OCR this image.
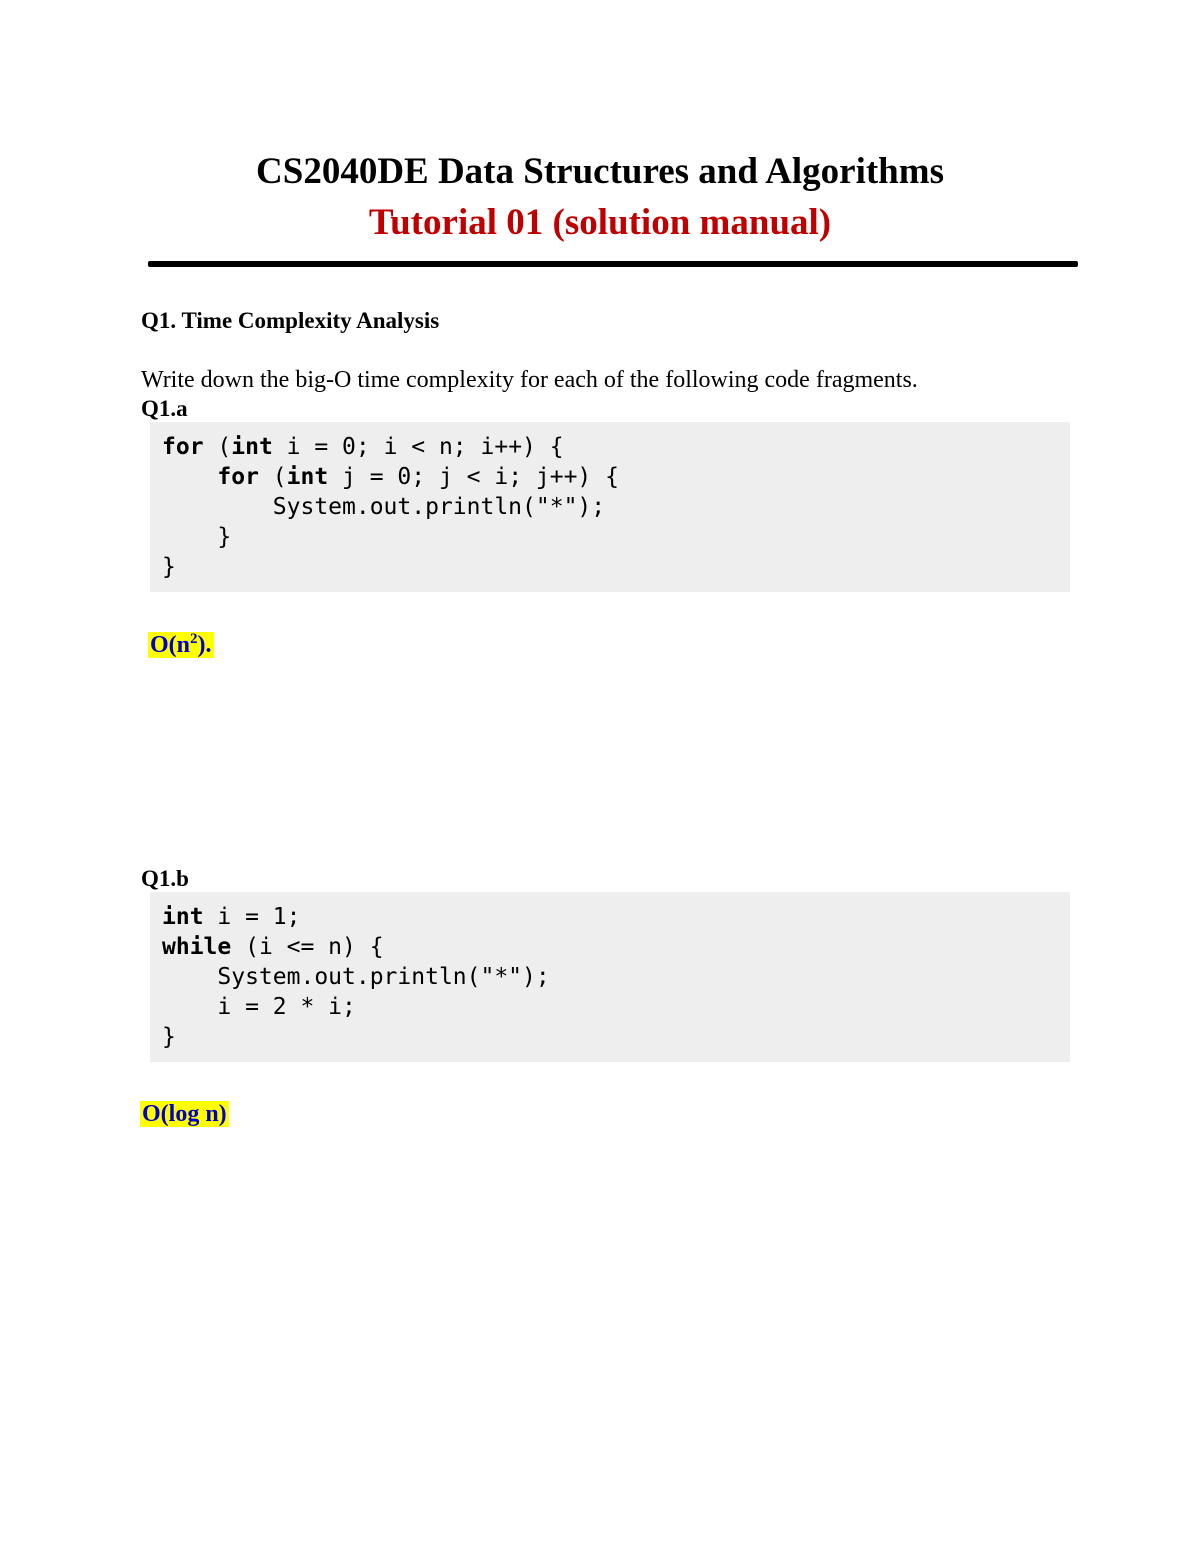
CS2040DE Data Structures and Algorithms
Tutorial 01 (solution manual)
Q1. Time Complexity Analysis
Write down the big-O time complexity for each of the following code fragments.
Q1.a
for (int i = 0; i < n; i++) {
for (int j = 0; j < i; j++) {
System.out.println("*");
}
}
$O(n^2)$.
Q1.b
int i = 1;
while (i <= n) {
System.out.println("*");
i = 2 * i;
}
O(log n)
